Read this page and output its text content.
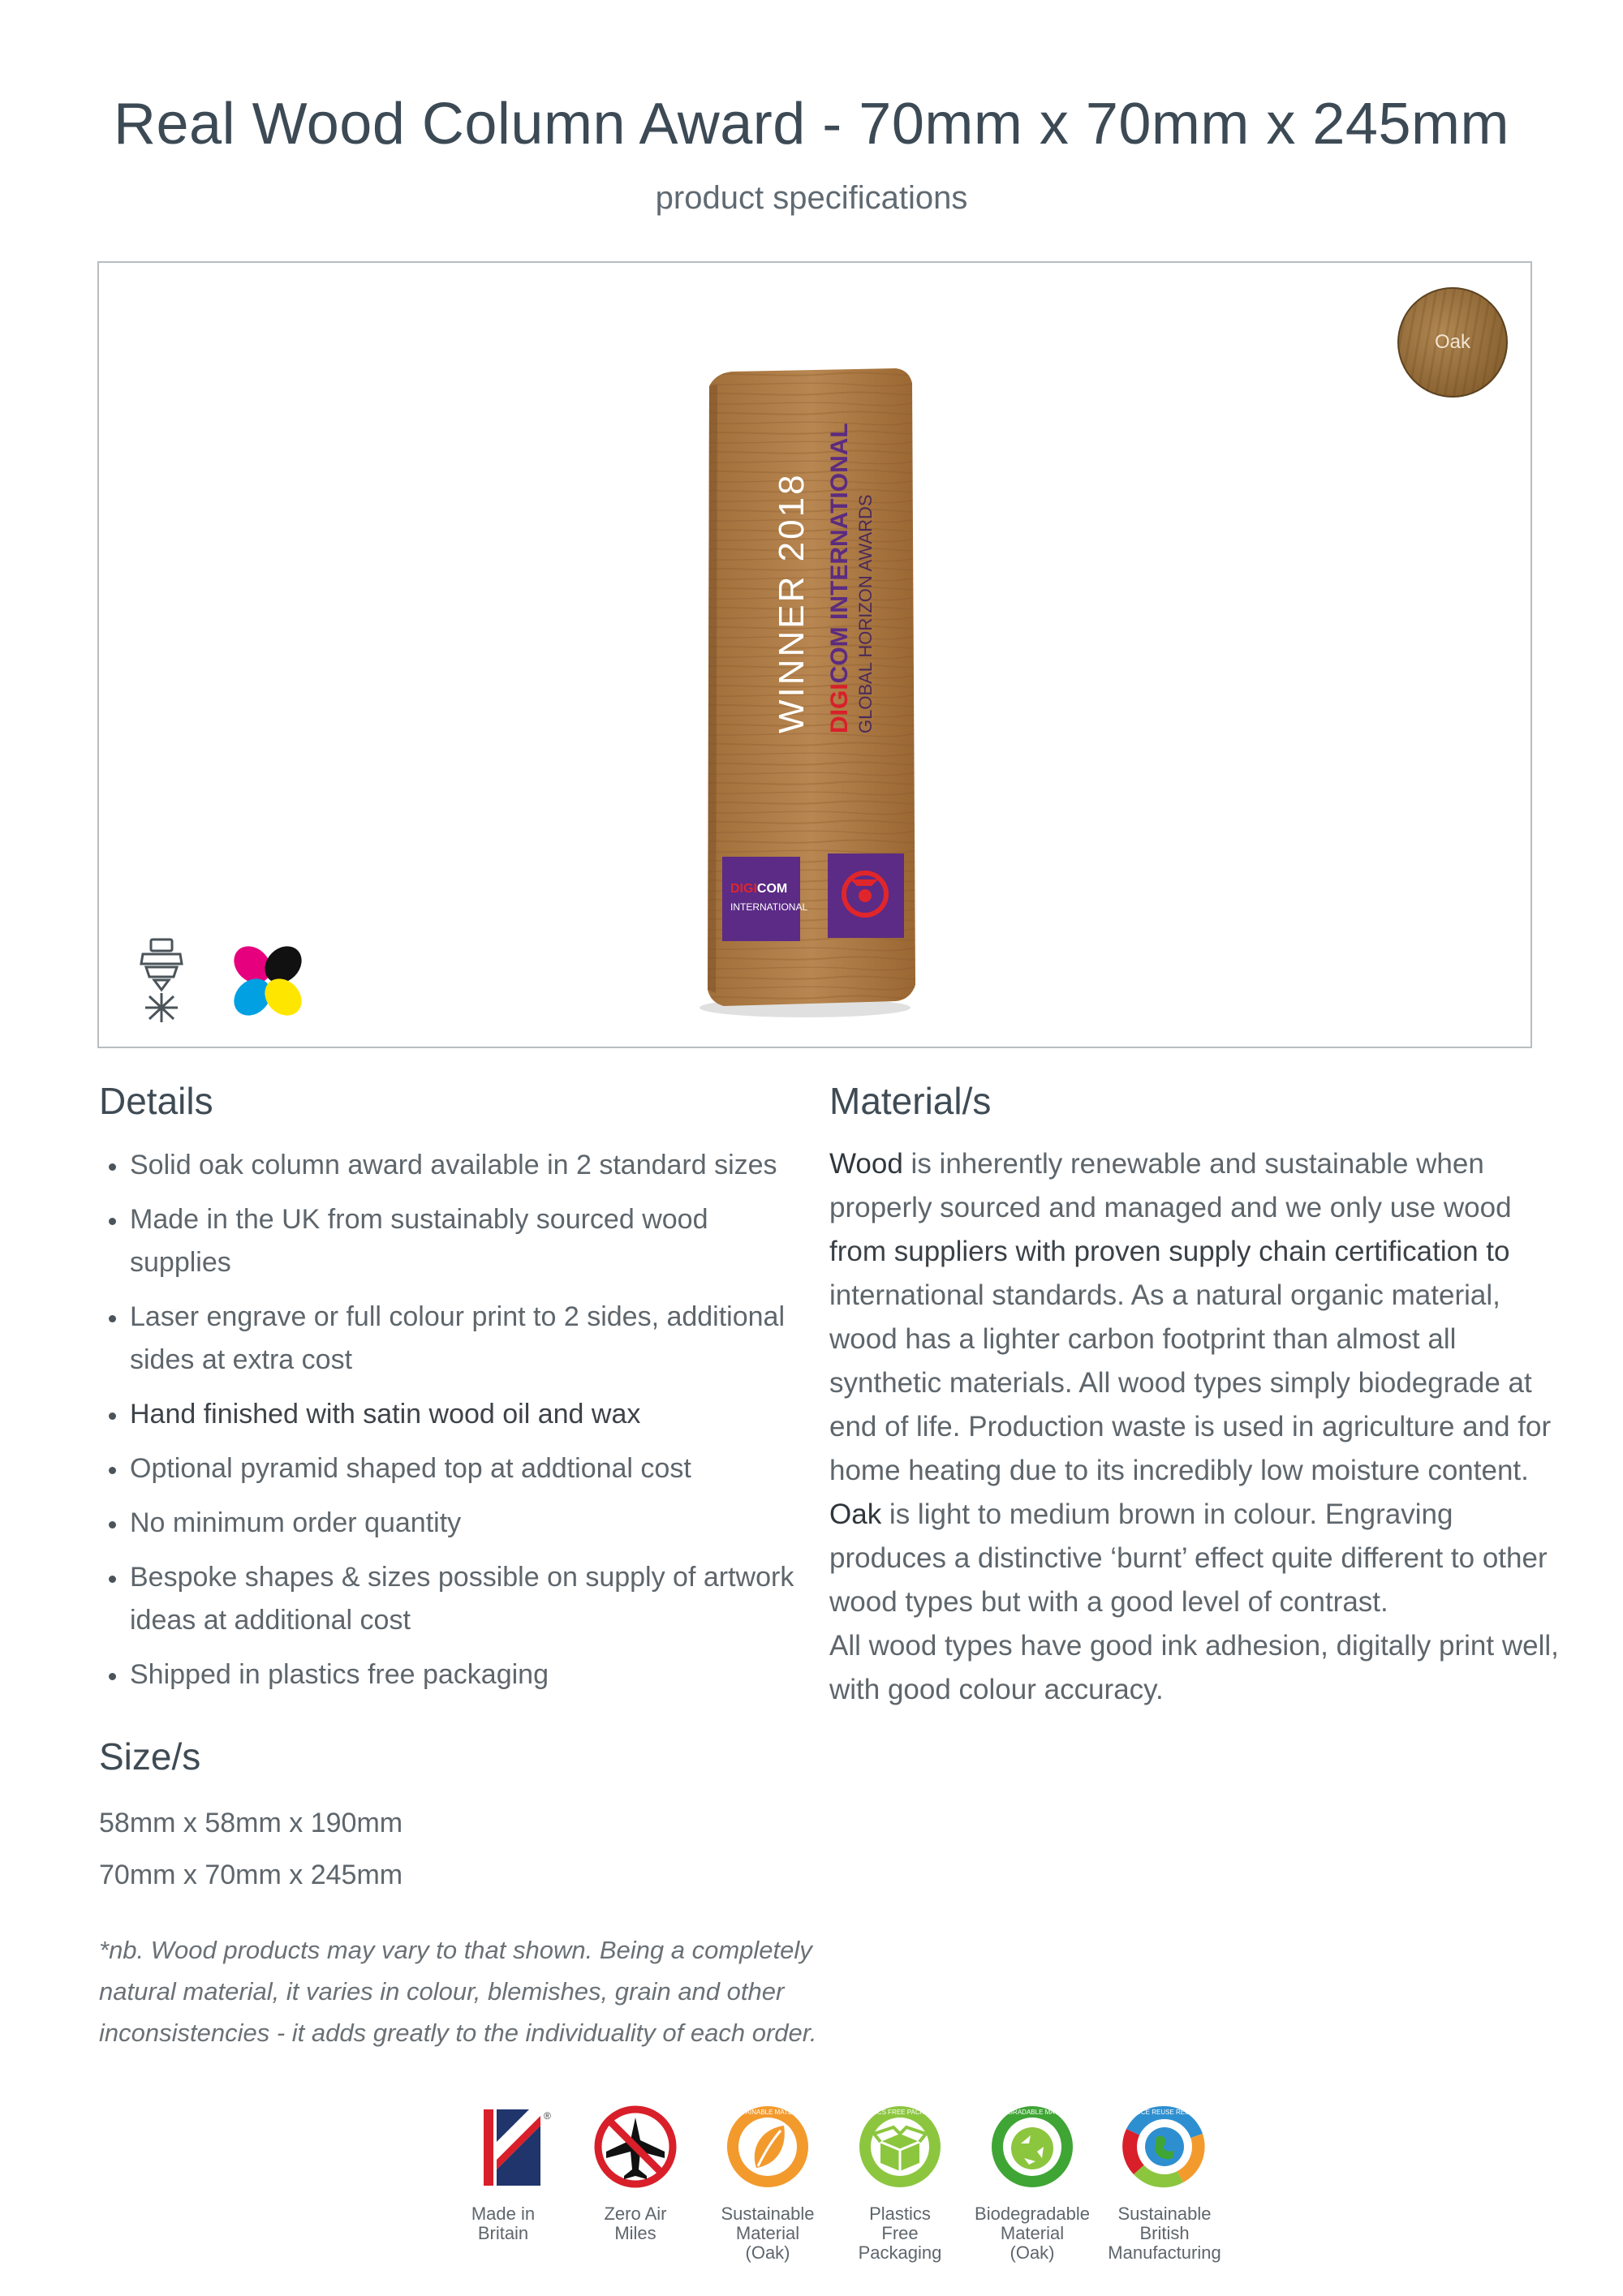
Real Wood Column Award - 70mm x 70mm x 245mm
product specifications
WINNER 2018 DIGICOM INTERNATIONAL GLOBAL HORIZON AWARDS
DIGICOM
INTERNATIONAL
Oak
Details
Solid oak column award available in 2 standard sizes
Made in the UK from sustainably sourced wood supplies
Laser engrave or full colour print to 2 sides, additional sides at extra cost
Hand finished with satin wood oil and wax
Optional pyramid shaped top at addtional cost
No minimum order quantity
Bespoke shapes & sizes possible on supply of artwork ideas at additional cost
Shipped in plastics free packaging
Size/s
58mm x 58mm x 190mm
70mm x 70mm x 245mm
*nb. Wood products may vary to that shown. Being a completely natural material, it varies in colour, blemishes, grain and other inconsistencies - it adds greatly to the individuality of each order.
Material/s
Wood is inherently renewable and sustainable when properly sourced and managed and we only use wood from suppliers with proven supply chain certification to international standards. As a natural organic material, wood has a lighter carbon footprint than almost all synthetic materials. All wood types simply biodegrade at end of life. Production waste is used in agriculture and for home heating due to its incredibly low moisture content.
Oak is light to medium brown in colour. Engraving produces a distinctive ‘burnt’ effect quite different to other wood types but with a good level of contrast.
All wood types have good ink adhesion, digitally print well, with good colour accuracy.
®
Made in
Britain
Zero Air
Miles
SUSTAINABLE MATERIAL
Sustainable
Material
(Oak)
PLASTICS FREE PACKAGING
Plastics
Free
Packaging
BIODEGRADABLE MATERIAL
Biodegradable
Material
(Oak)
REDUCE REUSE RECYCLE
Sustainable
British
Manufacturing
